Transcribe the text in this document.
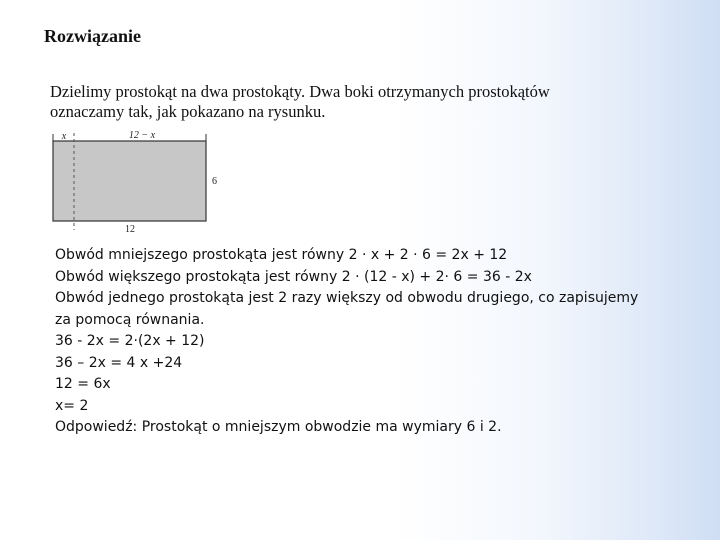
Rozwiązanie
Dzielimy prostokąt na dwa prostokąty. Dwa boki otrzymanych prostokątów
oznaczamy tak, jak pokazano na rysunku.
x	12 − x
6
12
Obwód mniejszego prostokąta jest równy 2 · x + 2 · 6 = 2x + 12
Obwód większego prostokąta jest równy 2 · (12 - x) + 2· 6 = 36 - 2x
Obwód jednego prostokąta jest 2 razy większy od obwodu drugiego, co zapisujemy
za pomocą równania.
36 - 2x = 2·(2x + 12)
36 – 2x = 4 x +24
12 = 6x
x= 2
Odpowiedź: Prostokąt o mniejszym obwodzie ma wymiary 6 i 2.
